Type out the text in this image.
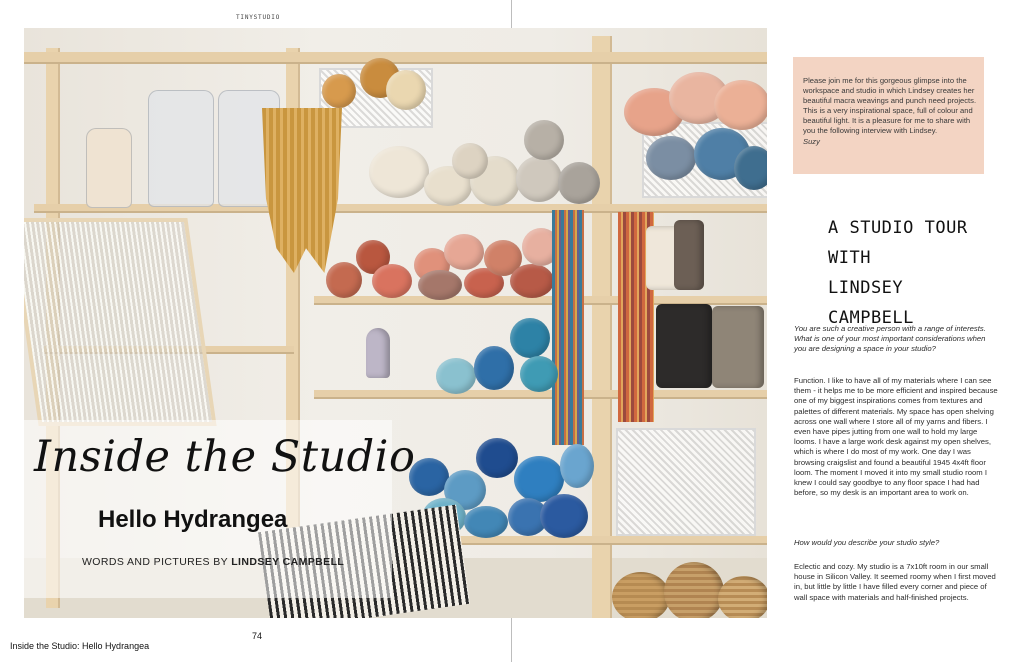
TINYSTUDIO
Inside the Studio
Hello Hydrangea
WORDS AND PICTURES BY LINDSEY CAMPBELL
74
Inside the Studio: Hello Hydrangea
Please join me for this gorgeous glimpse into the workspace and studio in which Lindsey creates her beautiful macra weavings and punch need projects. This is a very inspirational space, full of colour and beautiful light. It is a pleasure for me to share with you the following interview with Lindsey.
Suzy
A STUDIO TOUR WITH
LINDSEY CAMPBELL
You are such a creative person with a range of interests. What is one of your most important considerations when you are designing a space in your studio?
Function. I like to have all of my materials where I can see them - it helps me to be more efficient and inspired because one of my biggest inspirations comes from textures and palettes of different materials. My space has open shelving across one wall where I store all of my yarns and fibers. I even have pipes jutting from one wall to hold my large looms. I have a large work desk against my open shelves, which is where I do most of my work. One day I was browsing craigslist and found a beautiful 1945 4x4ft floor loom. The moment I moved it into my small studio room I knew I could say goodbye to any floor space I had had before, so my desk is an important area to work on.
How would you describe your studio style?
Eclectic and cozy. My studio is a 7x10ft room in our small house in Silicon Valley. It seemed roomy when I first moved in, but little by little I have filled every corner and piece of wall space with materials and half-finished projects.
